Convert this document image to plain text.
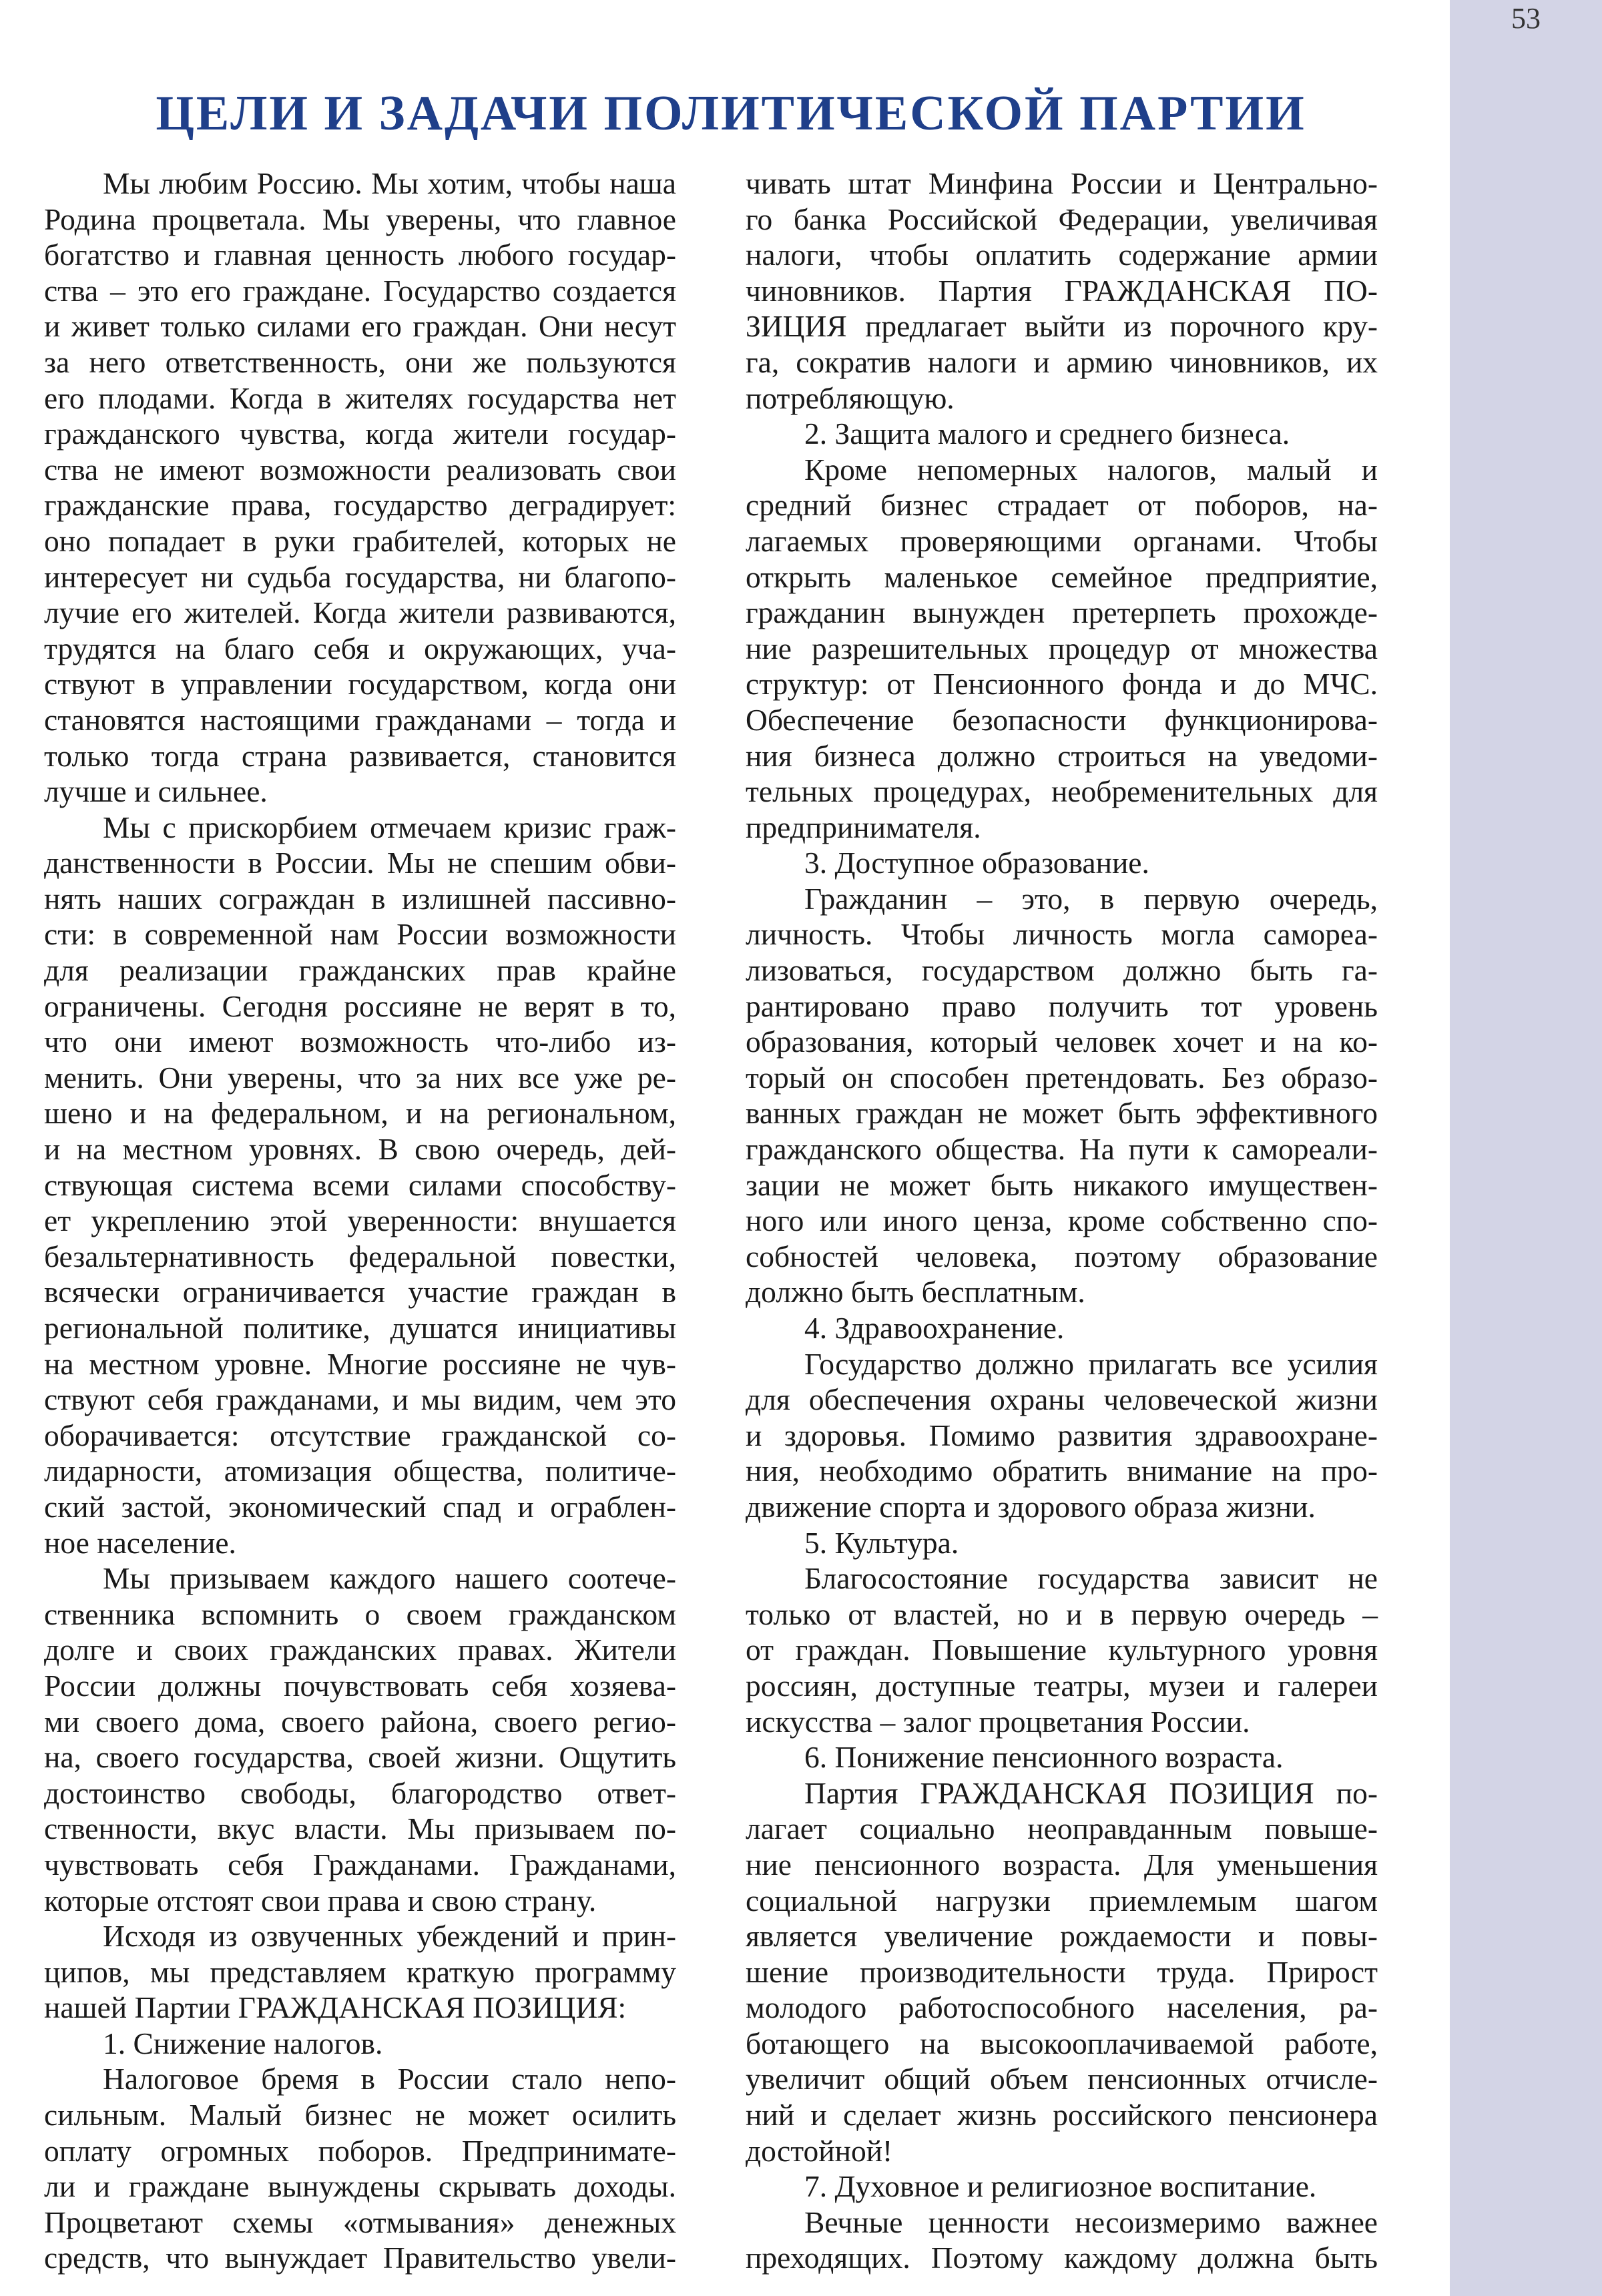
53
ЦЕЛИ И ЗАДАЧИ ПОЛИТИЧЕСКОЙ ПАРТИИ

Мы любим Россию. Мы хотим, чтобы наша

Родина процветала. Мы уверены, что главное

богатство и главная ценность любого государ-

ства – это его граждане. Государство создается

и живет только силами его граждан. Они несут

за него ответственность, они же пользуются

его плодами. Когда в жителях государства нет

гражданского чувства, когда жители государ-

ства не имеют возможности реализовать свои

гражданские права, государство деградирует:

оно попадает в руки грабителей, которых не

интересует ни судьба государства, ни благопо-

лучие его жителей. Когда жители развиваются,

трудятся на благо себя и окружающих, уча-

ствуют в управлении государством, когда они

становятся настоящими гражданами – тогда и

только тогда страна развивается, становится

лучше и сильнее.

Мы с прискорбием отмечаем кризис граж-

данственности в России. Мы не спешим обви-

нять наших сограждан в излишней пассивно-

сти: в современной нам России возможности

для реализации гражданских прав крайне

ограничены. Сегодня россияне не верят в то,

что они имеют возможность что-либо из-

менить. Они уверены, что за них все уже ре-

шено и на федеральном, и на региональном,

и на местном уровнях. В свою очередь, дей-

ствующая система всеми силами способству-

ет укреплению этой уверенности: внушается

безальтернативность федеральной повестки,

всячески ограничивается участие граждан в

региональной политике, душатся инициативы

на местном уровне. Многие россияне не чув-

ствуют себя гражданами, и мы видим, чем это

оборачивается: отсутствие гражданской со-

лидарности, атомизация общества, политиче-

ский застой, экономический спад и ограблен-

ное население.

Мы призываем каждого нашего соотече-

ственника вспомнить о своем гражданском

долге и своих гражданских правах. Жители

России должны почувствовать себя хозяева-

ми своего дома, своего района, своего регио-

на, своего государства, своей жизни. Ощутить

достоинство свободы, благородство ответ-

ственности, вкус власти. Мы призываем по-

чувствовать себя Гражданами. Гражданами,

которые отстоят свои права и свою страну.

Исходя из озвученных убеждений и прин-

ципов, мы представляем краткую программу

нашей Партии ГРАЖДАНСКАЯ ПОЗИЦИЯ:

1. Снижение налогов.

Налоговое бремя в России стало непо-

сильным. Малый бизнес не может осилить

оплату огромных поборов. Предпринимате-

ли и граждане вынуждены скрывать доходы.

Процветают схемы «отмывания» денежных

средств, что вынуждает Правительство увели-

чивать штат Минфина России и Центрально-

го банка Российской Федерации, увеличивая

налоги, чтобы оплатить содержание армии

чиновников. Партия ГРАЖДАНСКАЯ ПО-

ЗИЦИЯ предлагает выйти из порочного кру-

га, сократив налоги и армию чиновников, их

потребляющую.

2. Защита малого и среднего бизнеса.

Кроме непомерных налогов, малый и

средний бизнес страдает от поборов, на-

лагаемых проверяющими органами. Чтобы

открыть маленькое семейное предприятие,

гражданин вынужден претерпеть прохожде-

ние разрешительных процедур от множества

структур: от Пенсионного фонда и до МЧС.

Обеспечение безопасности функционирова-

ния бизнеса должно строиться на уведоми-

тельных процедурах, необременительных для

предпринимателя.

3. Доступное образование.

Гражданин – это, в первую очередь,

личность. Чтобы личность могла самореа-

лизоваться, государством должно быть га-

рантировано право получить тот уровень

образования, который человек хочет и на ко-

торый он способен претендовать. Без образо-

ванных граждан не может быть эффективного

гражданского общества. На пути к самореали-

зации не может быть никакого имуществен-

ного или иного ценза, кроме собственно спо-

собностей человека, поэтому образование

должно быть бесплатным.

4. Здравоохранение.

Государство должно прилагать все усилия

для обеспечения охраны человеческой жизни

и здоровья. Помимо развития здравоохране-

ния, необходимо обратить внимание на про-

движение спорта и здорового образа жизни.

5. Культура.

Благосостояние государства зависит не

только от властей, но и в первую очередь –

от граждан. Повышение культурного уровня

россиян, доступные театры, музеи и галереи

искусства – залог процветания России.

6. Понижение пенсионного возраста.

Партия ГРАЖДАНСКАЯ ПОЗИЦИЯ по-

лагает социально неоправданным повыше-

ние пенсионного возраста. Для уменьшения

социальной нагрузки приемлемым шагом

является увеличение рождаемости и повы-

шение производительности труда. Прирост

молодого работоспособного населения, ра-

ботающего на высокооплачиваемой работе,

увеличит общий объем пенсионных отчисле-

ний и сделает жизнь российского пенсионера

достойной!

7. Духовное и религиозное воспитание.

Вечные ценности несоизмеримо важнее

преходящих. Поэтому каждому должна быть
